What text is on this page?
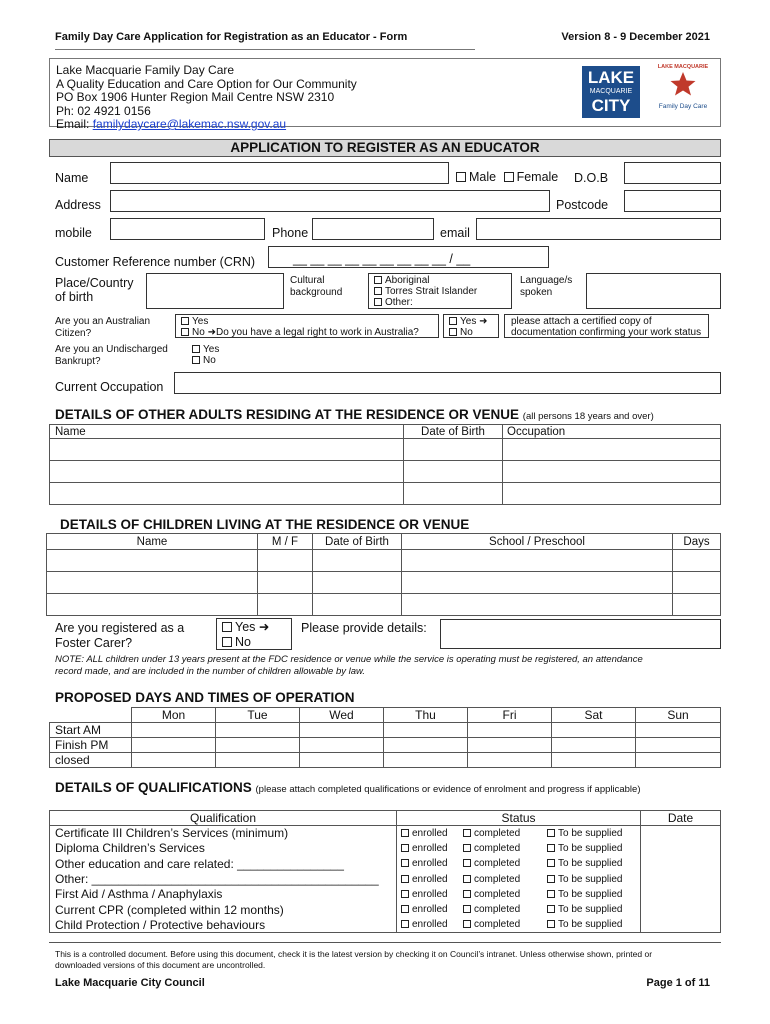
Family Day Care Application for Registration as an Educator - Form	Version 8 - 9 December 2021
Lake Macquarie Family Day Care
A Quality Education and Care Option for Our Community
PO Box 1906 Hunter Region Mail Centre NSW 2310
Ph: 02 4921 0156
Email: familydaycare@lakemac.nsw.gov.au
LAKE
MACQUARIE
CITY
LAKE MACQUARIE
Family Day Care
APPLICATION TO REGISTER AS AN EDUCATOR
Name	Male Female D.O.B
Address	Postcode
mobile	Phone	email
Customer Reference number (CRN)	__ __ __ __ __ __ __ __ __ / __
Place/Country
of birth
Cultural
background
Aboriginal
Torres Strait Islander
Other:
Language/s
spoken
Are you an Australian
Citizen?
Yes
No ➜Do you have a legal right to work in Australia?
Yes ➜
No
please attach a certified copy of
documentation confirming your work status
Are you an Undischarged
Bankrupt?
Yes
No
Current Occupation
DETAILS OF OTHER ADULTS RESIDING AT THE RESIDENCE OR VENUE (all persons 18 years and over)
Name	Date of Birth	Occupation

DETAILS OF CHILDREN LIVING AT THE RESIDENCE OR VENUE
Name	M / F	Date of Birth	School / Preschool	Days

Are you registered as a
Foster Carer?
Yes ➜
No
Please provide details:
NOTE: ALL children under 13 years present at the FDC residence or venue while the service is operating must be registered, an attendance
record made, and are included in the number of children allowable by law.
PROPOSED DAYS AND TIMES OF OPERATION
	Mon	Tue	Wed	Thu	Fri	Sat	Sun
Start AM							
Finish PM							
closed							
DETAILS OF QUALIFICATIONS (please attach completed qualifications or evidence of enrolment and progress if applicable)
Qualification	Status	Date
Certificate III Children’s Services (minimum)	enrolled completed To be supplied	
Diploma Children’s Services	enrolled completed To be supplied	
Other education and care related: ________________	enrolled completed To be supplied	
Other: ___________________________________________	enrolled completed To be supplied	
First Aid / Asthma / Anaphylaxis	enrolled completed To be supplied	
Current CPR (completed within 12 months)	enrolled completed To be supplied	
Child Protection / Protective behaviours	enrolled completed To be supplied	
This is a controlled document. Before using this document, check it is the latest version by checking it on Council’s intranet. Unless otherwise shown, printed or
downloaded versions of this document are uncontrolled.
Lake Macquarie City Council	Page 1 of 11
